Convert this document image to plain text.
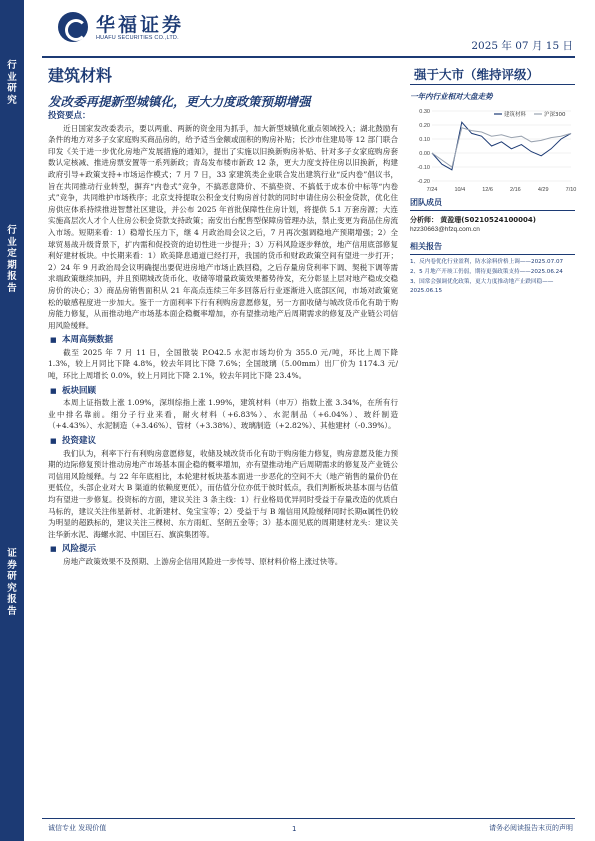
行
业
研
究
行
业
定
期
报
告
证
券
研
究
报
告
华福证券
HUAFU SECURITIES CO.,LTD.
2025 年 07 月 15 日
建筑材料	强于大市（维持评级）
发改委再提新型城镇化，更大力度政策预期增强
投资要点：

近日国家发改委表示，要以两重、两新的资金用为抓手，加大新型城镇化重点领域投入；湖北鼓励有条件的地方对多子女家庭购买商品房的，给予适当金额或面积的购房补贴；长沙市住建局等 12 部门联合印发《关于进一步优化房地产发展措施的通知》，提出了实施以旧换新购房补贴、针对多子女家庭购房套数认定核减、推进房票安置等一系列新政；青岛发布楼市新政 12 条，更大力度支持住房以旧换新，构建政府引导+政策支持+市场运作模式；7 月 7 日，33 家建筑类企业联合发出建筑行业“反内卷”倡议书，旨在共同推动行业转型，摒弃“内卷式”竞争，不搞恶意降价、不搞垫资、不搞低于成本价中标等“内卷式”竞争，共同维护市场秩序；北京支持提取公积金支付购房首付款的同时申请住房公积金贷款，优化住房供应体系持续推进智慧社区建设，并公布 2025 年首批保障性住房计划，将提供 5.1 万套房源；大连实施高层次人才个人住房公积金贷款支持政策；南安出台配售型保障房管理办法，禁止变更为商品住房流入市场。短期来看：1）稳增长压力下，继 4 月政治局会议之后，7 月再次强调稳地产预期增强；2）全球贸易战升级背景下，扩内需和促投资的迫切性进一步提升；3）万科风险逐步释放，地产信用底部修复利好建材板块。中长期来看：1）欧美降息通道已经打开，我国的货币和财政政策空间有望进一步打开；2）24 年 9 月政治局会议明确提出要促进房地产市场止跌回稳，之后存量房贷利率下调、契税下调等需求端政策继续加码，并且预期城改货币化、收储等增量政策效果蓄势待发，充分彰显上层对地产稳成交稳房价的决心；3）商品房销售面积从 21 年高点连续三年多回落后行业逐渐进入底部区间，市场对政策宽松的敏感程度进一步加大。鉴于一方面利率下行有利购房意愿修复，另一方面收储与城改货币化有助于购房能力修复，从而推动地产市场基本面企稳概率增加，亦有望推动地产后周期需求的修复及产业链公司信用风险缓释。

■ 本周高频数据

截至 2025 年 7 月 11 日，全国散装 P.O42.5 水泥市场均价为 355.0 元/吨，环比上周下降 1.3%，较上月同比下降 4.8%，较去年同比下降 7.6%；全国玻璃（5.00mm）出厂价为 1174.3 元/吨，环比上周增长 0.0%，较上月同比下降 2.1%，较去年同比下降 23.4%。

■ 板块回顾

本周上证指数上涨 1.09%，深圳综指上涨 1.99%，建筑材料（申万）指数上涨 3.34%，在所有行业中排名靠前。细分子行业来看，耐火材料（+6.83%）、水泥制品（+6.04%）、玻纤制造（+4.43%）、水泥制造（+3.46%）、管材（+3.38%）、玻璃制造（+2.82%）、其他建材（-0.39%）。

■ 投资建议

我们认为，利率下行有利购房意愿修复，收储及城改货币化有助于购房能力修复，购房意愿及能力预期的边际修复预计推动房地产市场基本面企稳的概率增加，亦有望推动地产后周期需求的修复及产业链公司信用风险缓释。与 22 年年底相比，本轮建材板块基本面进一步恶化的空间不大（地产销售的量价仍在更低位，头部企业对大 B 渠道的依赖度更低），而估值分位亦低于彼时低点，我们判断板块基本面与估值均有望进一步修复。投资标的方面，建议关注 3 条主线：1）行业格局优异同时受益于存量改造的优质白马标的，建议关注伟星新材、北新建材、兔宝宝等；2）受益于与 B 端信用风险缓释同时长期α属性仍较为明显的超跌标的，建议关注三棵树、东方雨虹、坚朗五金等；3）基本面见底的周期建材龙头：建议关注华新水泥、海螺水泥、中国巨石、旗滨集团等。

■ 风险提示

房地产政策效果不及预期、上游房企信用风险进一步传导、原材料价格上涨过快等。

一年内行业相对大盘走势
0.30
0.20
0.10
0.00
-0.10
-0.20
7/24	10/4	12/6	2/16	4/29	7/10
建筑材料	沪深300
团队成员
分析师： 黄盈珊(S0210524100004)
hzz30663@hfzq.com.cn
相关报告
1、反内卷优化行业盈利，防水涂料价格上调——2025.07.07
2、5 月地产开竣工仍弱，期待更强政策支持——2025.06.24
3、国常会强调优化政策，更大力度推动地产止跌回稳——2025.06.15
诚信专业 发现价值	1	请务必阅读报告末页的声明
